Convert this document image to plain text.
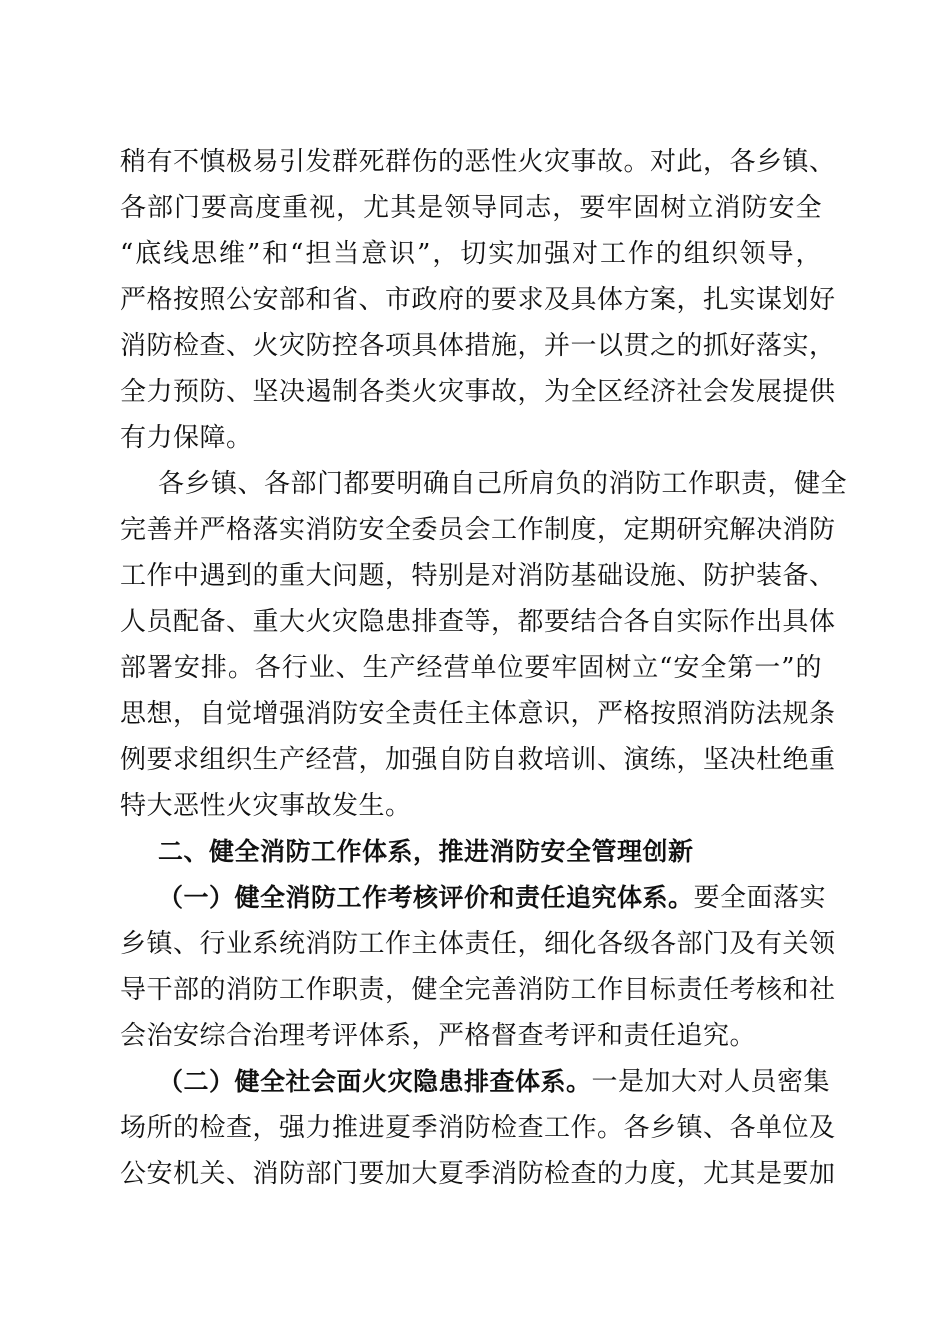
稍有不慎极易引发群死群伤的恶性火灾事故。对此，各乡镇、
各部门要高度重视，尤其是领导同志，要牢固树立消防安全
“底线思维”和“担当意识”，切实加强对工作的组织领导，
严格按照公安部和省、市政府的要求及具体方案，扎实谋划好
消防检查、火灾防控各项具体措施，并一以贯之的抓好落实，
全力预防、坚决遏制各类火灾事故，为全区经济社会发展提供
有力保障。
各乡镇、各部门都要明确自己所肩负的消防工作职责，健全
完善并严格落实消防安全委员会工作制度，定期研究解决消防
工作中遇到的重大问题，特别是对消防基础设施、防护装备、
人员配备、重大火灾隐患排查等，都要结合各自实际作出具体
部署安排。各行业、生产经营单位要牢固树立“安全第一”的
思想，自觉增强消防安全责任主体意识，严格按照消防法规条
例要求组织生产经营，加强自防自救培训、演练，坚决杜绝重
特大恶性火灾事故发生。
二、健全消防工作体系，推进消防安全管理创新
（一）健全消防工作考核评价和责任追究体系。要全面落实
乡镇、行业系统消防工作主体责任，细化各级各部门及有关领
导干部的消防工作职责，健全完善消防工作目标责任考核和社
会治安综合治理考评体系，严格督查考评和责任追究。
（二）健全社会面火灾隐患排查体系。一是加大对人员密集
场所的检查，强力推进夏季消防检查工作。各乡镇、各单位及
公安机关、消防部门要加大夏季消防检查的力度，尤其是要加
